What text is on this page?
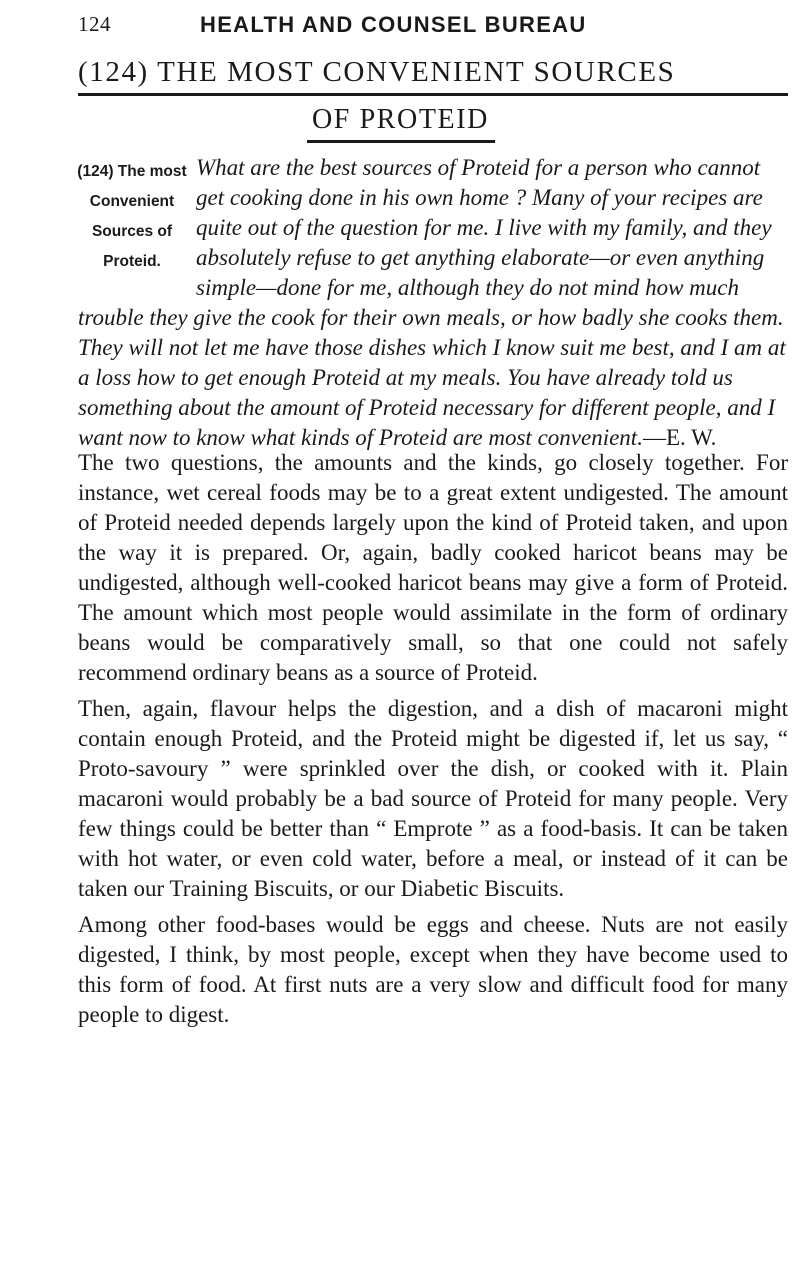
124	HEALTH AND COUNSEL BUREAU
(124) THE MOST CONVENIENT SOURCES
OF PROTEID

(124) The most Convenient Sources of Proteid.
What are the best sources of Proteid for a person who cannot get cooking done in his own home ? Many of your recipes are quite out of the question for me. I live with my family, and they absolutely refuse to get anything elaborate—or even anything simple—done for me, although they do not mind how much trouble they give the cook for their own meals, or how badly she cooks them. They will not let me have those dishes which I know suit me best, and I am at a loss how to get enough Proteid at my meals. You have already told us something about the amount of Proteid necessary for different people, and I want now to know what kinds of Proteid are most convenient.—E. W.

The two questions, the amounts and the kinds, go closely together. For instance, wet cereal foods may be to a great extent undigested. The amount of Proteid needed depends largely upon the kind of Proteid taken, and upon the way it is prepared. Or, again, badly cooked haricot beans may be undigested, although well-cooked haricot beans may give a form of Proteid. The amount which most people would assimilate in the form of ordinary beans would be comparatively small, so that one could not safely recommend ordinary beans as a source of Proteid.

Then, again, flavour helps the digestion, and a dish of macaroni might contain enough Proteid, and the Proteid might be digested if, let us say, “ Proto-savoury ” were sprinkled over the dish, or cooked with it. Plain macaroni would probably be a bad source of Proteid for many people. Very few things could be better than “ Emprote ” as a food-basis. It can be taken with hot water, or even cold water, before a meal, or instead of it can be taken our Training Biscuits, or our Diabetic Biscuits.

Among other food-bases would be eggs and cheese. Nuts are not easily digested, I think, by most people, except when they have become used to this form of food. At first nuts are a very slow and difficult food for many people to digest.
